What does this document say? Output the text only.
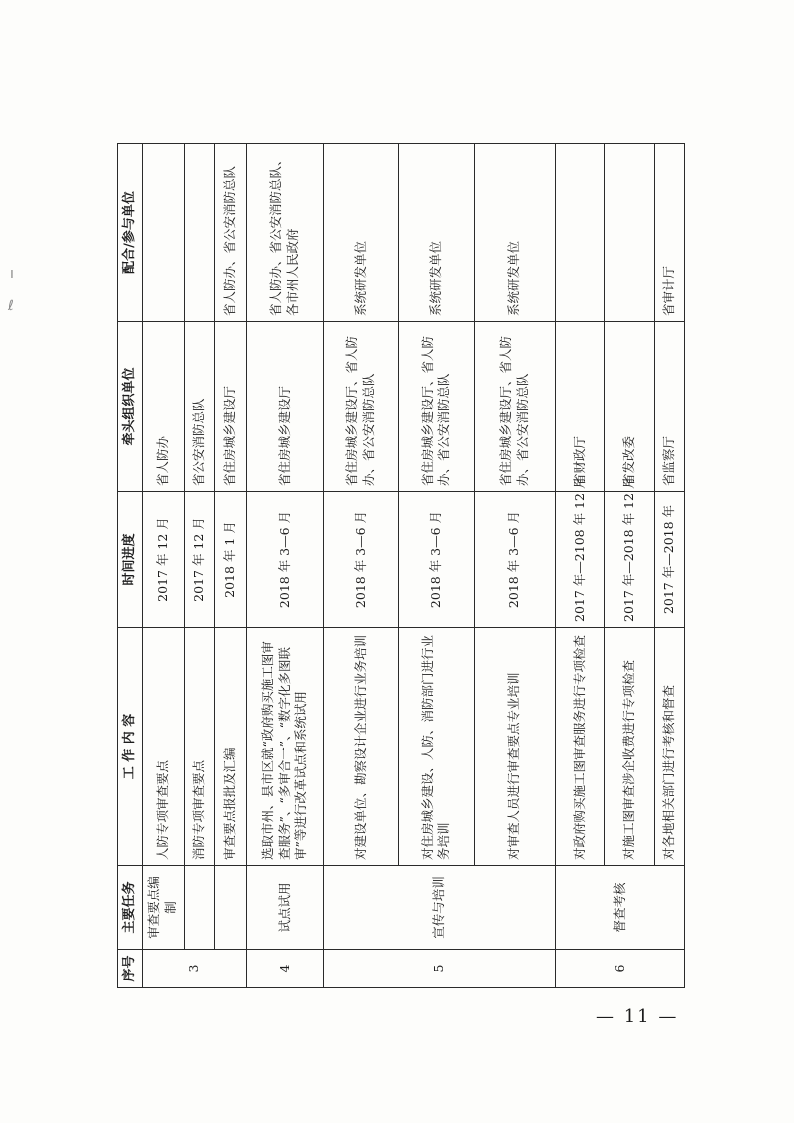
ı
ℓ
序号	主要任务	工 作 内 容	时间进度	牵头组织单位	配合/参与单位
3	审查要点编制	人防专项审查要点	2017 年 12 月	省人防办	
		消防专项审查要点	2017 年 12 月	省公安消防总队	
		审查要点报批及汇编	2018 年 1 月	省住房城乡建设厅	省人防办、省公安消防总队
4	试点试用	选取市州、县市区就“政府购买施工图审查服务”、“多审合一”、“数字化多图联审”等进行改革试点和系统试用	2018 年 3—6 月	省住房城乡建设厅	省人防办、省公安消防总队、各市州人民政府
5	宣传与培训	对建设单位、勘察设计企业进行业务培训	2018 年 3—6 月	省住房城乡建设厅、省人防办、省公安消防总队	系统研发单位
		对住房城乡建设、人防、消防部门进行业务培训	2018 年 3—6 月	省住房城乡建设厅、省人防办、省公安消防总队	系统研发单位
		对审查人员进行审查要点专业培训	2018 年 3—6 月	省住房城乡建设厅、省人防办、省公安消防总队	系统研发单位
6	督查考核	对政府购买施工图审查服务进行专项检查	2017 年—2108 年 12 月	省财政厅	
		对施工图审查涉企收费进行专项检查	2017 年—2018 年 12 月	省发改委	
		对各地相关部门进行考核和督查	2017 年—2018 年	省监察厅	省审计厅
— 11 —
